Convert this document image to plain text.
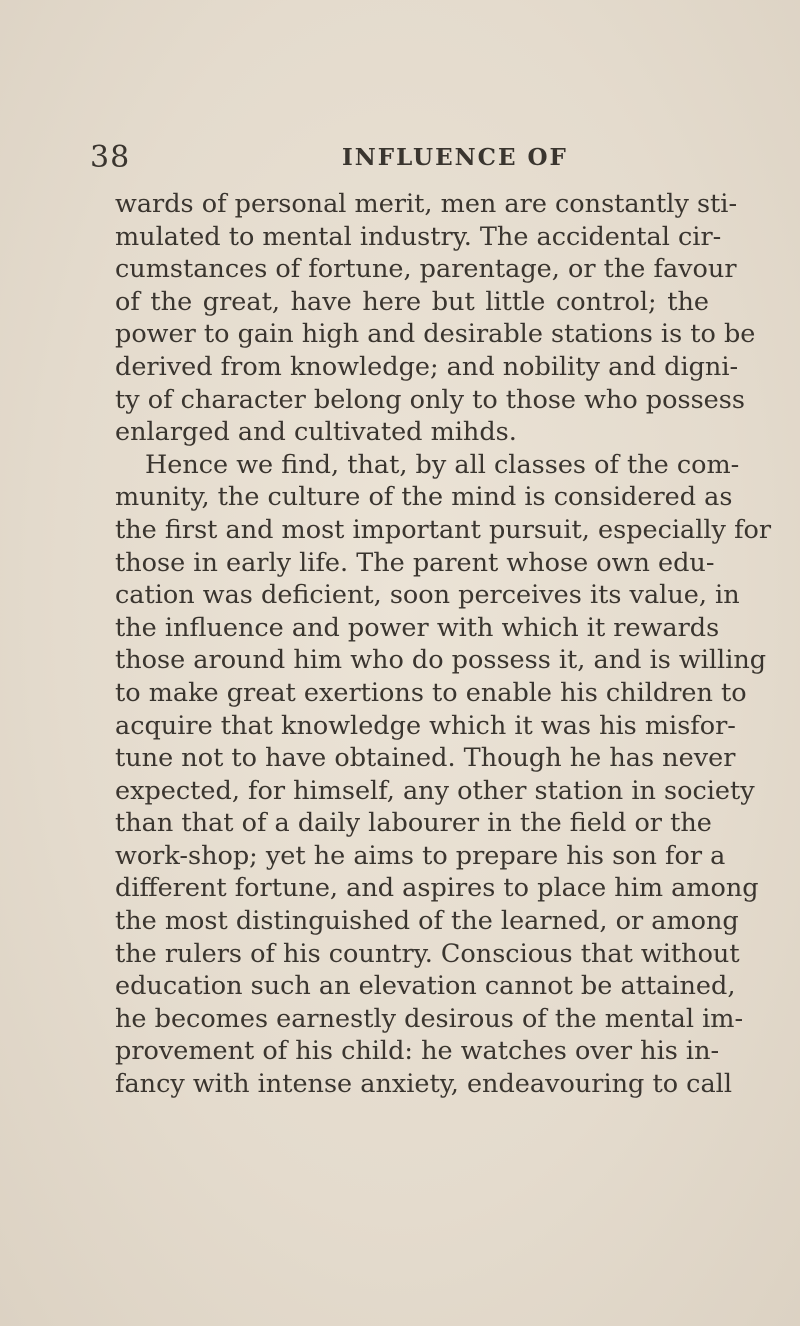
38	INFLUENCE OF
wards of personal merit, men are constantly sti-
mulated to mental industry. The accidental cir-
cumstances of fortune, parentage, or the favour
of the great, have here but little control; the
power to gain high and desirable stations is to be
derived from knowledge; and nobility and digni-
ty of character belong only to those who possess
enlarged and cultivated mihds.
Hence we find, that, by all classes of the com-
munity, the culture of the mind is considered as
the first and most important pursuit, especially for
those in early life. The parent whose own edu-
cation was deficient, soon perceives its value, in
the influence and power with which it rewards
those around him who do possess it, and is willing
to make great exertions to enable his children to
acquire that knowledge which it was his misfor-
tune not to have obtained. Though he has never
expected, for himself, any other station in society
than that of a daily labourer in the field or the
work-shop; yet he aims to prepare his son for a
different fortune, and aspires to place him among
the most distinguished of the learned, or among
the rulers of his country. Conscious that without
education such an elevation cannot be attained,
he becomes earnestly desirous of the mental im-
provement of his child: he watches over his in-
fancy with intense anxiety, endeavouring to call
